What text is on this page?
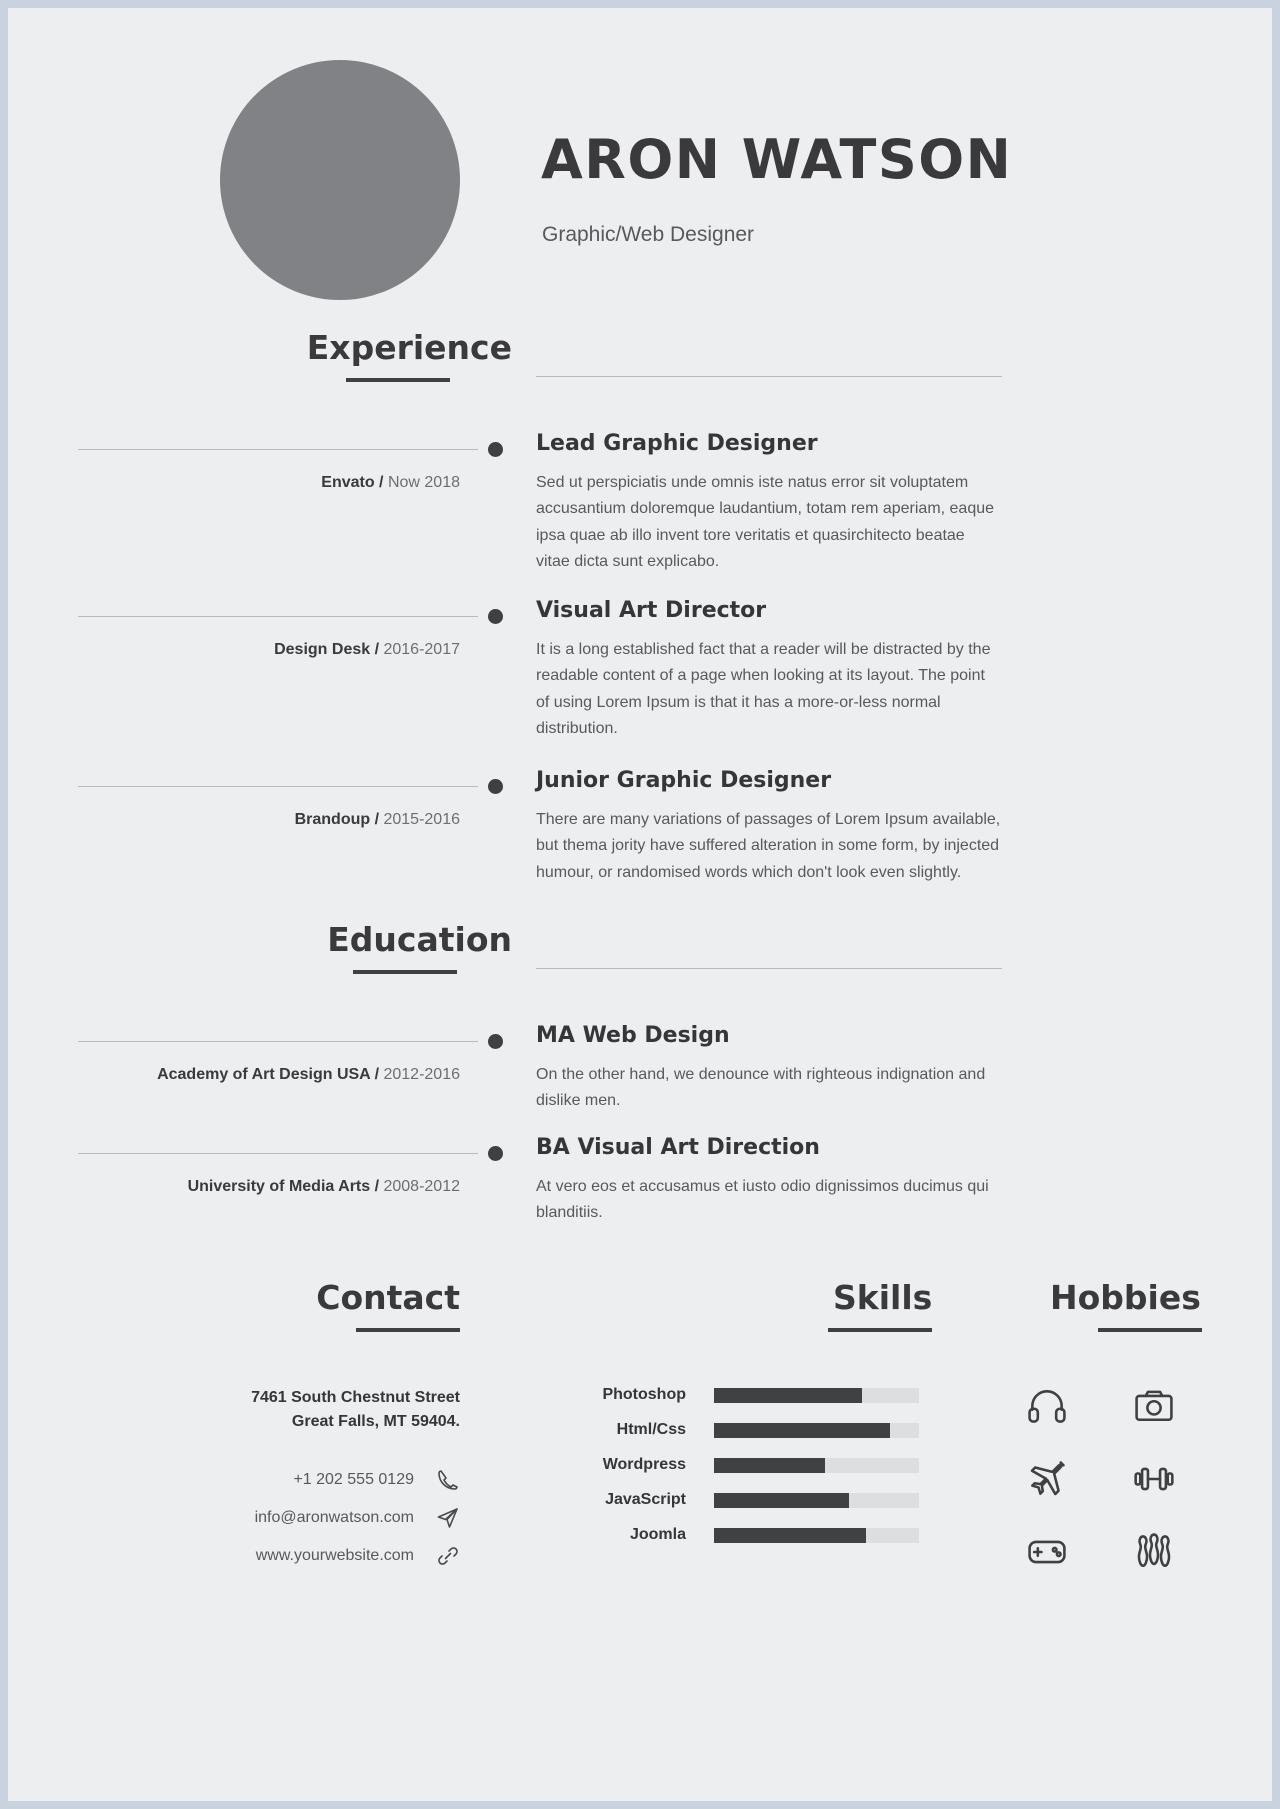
ARON WATSON
Graphic/Web Designer
Experience
Envato / Now 2018
Lead Graphic Designer
Sed ut perspiciatis unde omnis iste natus error sit voluptatem accusantium doloremque laudantium, totam rem aperiam, eaque ipsa quae ab illo invent tore veritatis et quasirchitecto beatae vitae dicta sunt explicabo.
Design Desk / 2016-2017
Visual Art Director
It is a long established fact that a reader will be distracted by the readable content of a page when looking at its layout. The point of using Lorem Ipsum is that it has a more-or-less normal distribution.
Brandoup / 2015-2016
Junior Graphic Designer
There are many variations of passages of Lorem Ipsum available, but thema jority have suffered alteration in some form, by injected humour, or randomised words which don't look even slightly.
Education
Academy of Art Design USA / 2012-2016
MA Web Design
On the other hand, we denounce with righteous indignation and dislike men.
University of Media Arts / 2008-2012
BA Visual Art Direction
At vero eos et accusamus et iusto odio dignissimos ducimus qui blanditiis.
Contact	Skills	Hobbies
7461 South Chestnut Street
Great Falls, MT 59404.
+1 202 555 0129
info@aronwatson.com
www.yourwebsite.com
Photoshop
Html/Css
Wordpress
JavaScript
Joomla
